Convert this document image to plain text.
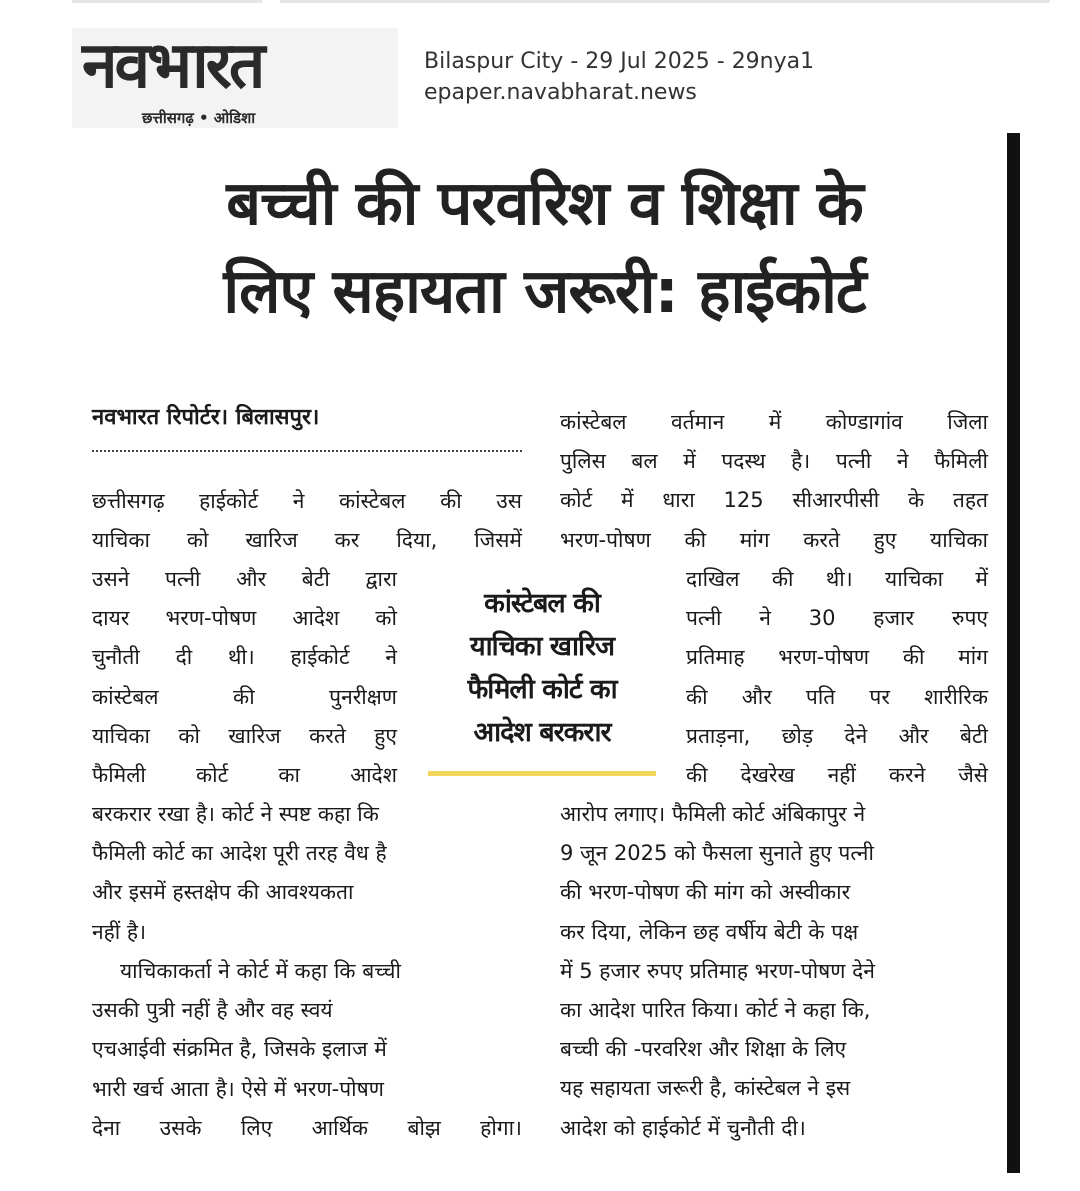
नवभारत
छत्तीसगढ़ • ओडिशा
Bilaspur City - 29 Jul 2025 - 29nya1
epaper.navabharat.news
बच्ची की परवरिश व शिक्षा के
लिए सहायता जरूरी: हाईकोर्ट
नवभारत रिपोर्टर। बिलासपुर।
छत्तीसगढ़ हाईकोर्ट ने कांस्टेबल की उस
याचिका को खारिज कर दिया, जिसमें
उसने पत्नी और बेटी द्वारा
दायर भरण-पोषण आदेश को
चुनौती दी थी। हाईकोर्ट ने
कांस्टेबल की पुनरीक्षण
याचिका को खारिज करते हुए
फैमिली कोर्ट का आदेश
बरकरार रखा है। कोर्ट ने स्पष्ट कहा कि
फैमिली कोर्ट का आदेश पूरी तरह वैध है
और इसमें हस्तक्षेप की आवश्यकता
नहीं है।
याचिकाकर्ता ने कोर्ट में कहा कि बच्ची
उसकी पुत्री नहीं है और वह स्वयं
एचआईवी संक्रमित है, जिसके इलाज में
भारी खर्च आता है। ऐसे में भरण-पोषण
देना उसके लिए आर्थिक बोझ होगा।
कांस्टेबल की
याचिका खारिज
फैमिली कोर्ट का
आदेश बरकरार
कांस्टेबल वर्तमान में कोण्डागांव जिला
पुलिस बल में पदस्थ है। पत्नी ने फैमिली
कोर्ट में धारा 125 सीआरपीसी के तहत
भरण-पोषण की मांग करते हुए याचिका
दाखिल की थी। याचिका में
पत्नी ने 30 हजार रुपए
प्रतिमाह भरण-पोषण की मांग
की और पति पर शारीरिक
प्रताड़ना, छोड़ देने और बेटी
की देखरेख नहीं करने जैसे
आरोप लगाए। फैमिली कोर्ट अंबिकापुर ने
9 जून 2025 को फैसला सुनाते हुए पत्नी
की भरण-पोषण की मांग को अस्वीकार
कर दिया, लेकिन छह वर्षीय बेटी के पक्ष
में 5 हजार रुपए प्रतिमाह भरण-पोषण देने
का आदेश पारित किया। कोर्ट ने कहा कि,
बच्ची की -परवरिश और शिक्षा के लिए
यह सहायता जरूरी है, कांस्टेबल ने इस
आदेश को हाईकोर्ट में चुनौती दी।
